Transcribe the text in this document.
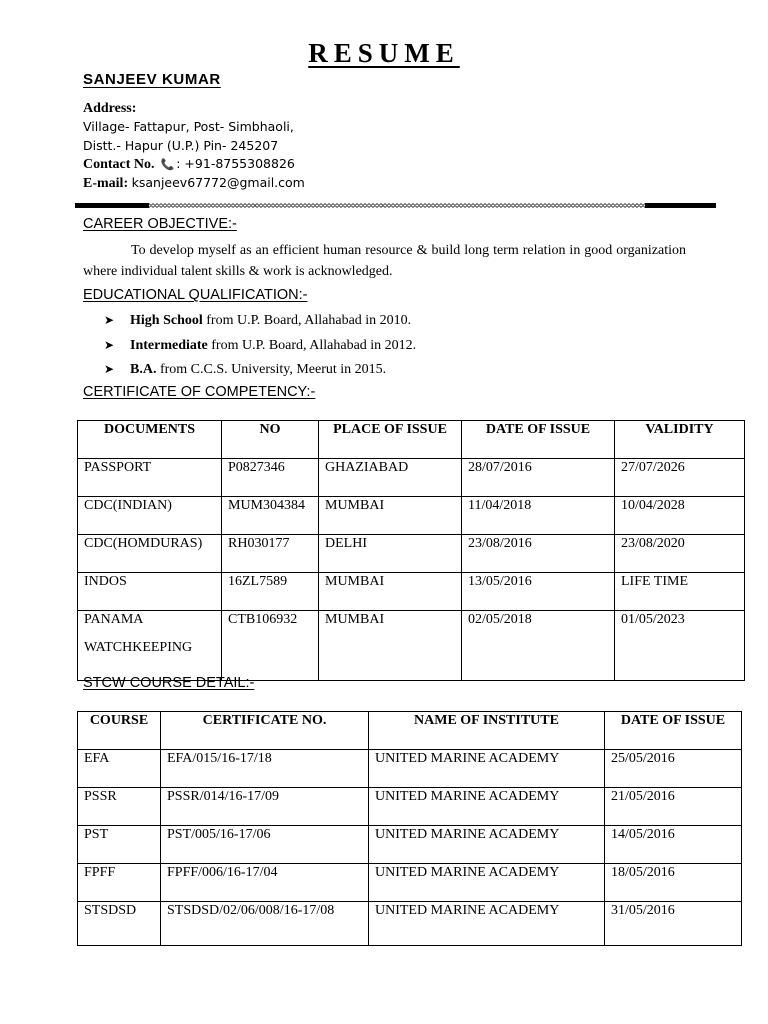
RESUME
SANJEEV KUMAR
Address:
Village- Fattapur, Post- Simbhaoli,
Distt.- Hapur (U.P.) Pin- 245207
Contact No. 📞 : +91-8755308826
E-mail: ksanjeev67772@gmail.com
CAREER OBJECTIVE:-
To develop myself as an efficient human resource & build long term relation in good organization where individual talent skills & work is acknowledged.
EDUCATIONAL QUALIFICATION:-
➤ High School from U.P. Board, Allahabad in 2010.
➤ Intermediate from U.P. Board, Allahabad in 2012.
➤ B.A. from C.C.S. University, Meerut in 2015.
CERTIFICATE OF COMPETENCY:-
DOCUMENTS	NO	PLACE OF ISSUE	DATE OF ISSUE	VALIDITY
PASSPORT	P0827346	GHAZIABAD	28/07/2016	27/07/2026
CDC(INDIAN)	MUM304384	MUMBAI	11/04/2018	10/04/2028
CDC(HOMDURAS)	RH030177	DELHI	23/08/2016	23/08/2020
INDOS	16ZL7589	MUMBAI	13/05/2016	LIFE TIME
PANAMA
WATCHKEEPING	CTB106932	MUMBAI	02/05/2018	01/05/2023
STCW COURSE DETAIL:-
COURSE	CERTIFICATE NO.	NAME OF INSTITUTE	DATE OF ISSUE
EFA	EFA/015/16-17/18	UNITED MARINE ACADEMY	25/05/2016
PSSR	PSSR/014/16-17/09	UNITED MARINE ACADEMY	21/05/2016
PST	PST/005/16-17/06	UNITED MARINE ACADEMY	14/05/2016
FPFF	FPFF/006/16-17/04	UNITED MARINE ACADEMY	18/05/2016
STSDSD	STSDSD/02/06/008/16-17/08	UNITED MARINE ACADEMY	31/05/2016
